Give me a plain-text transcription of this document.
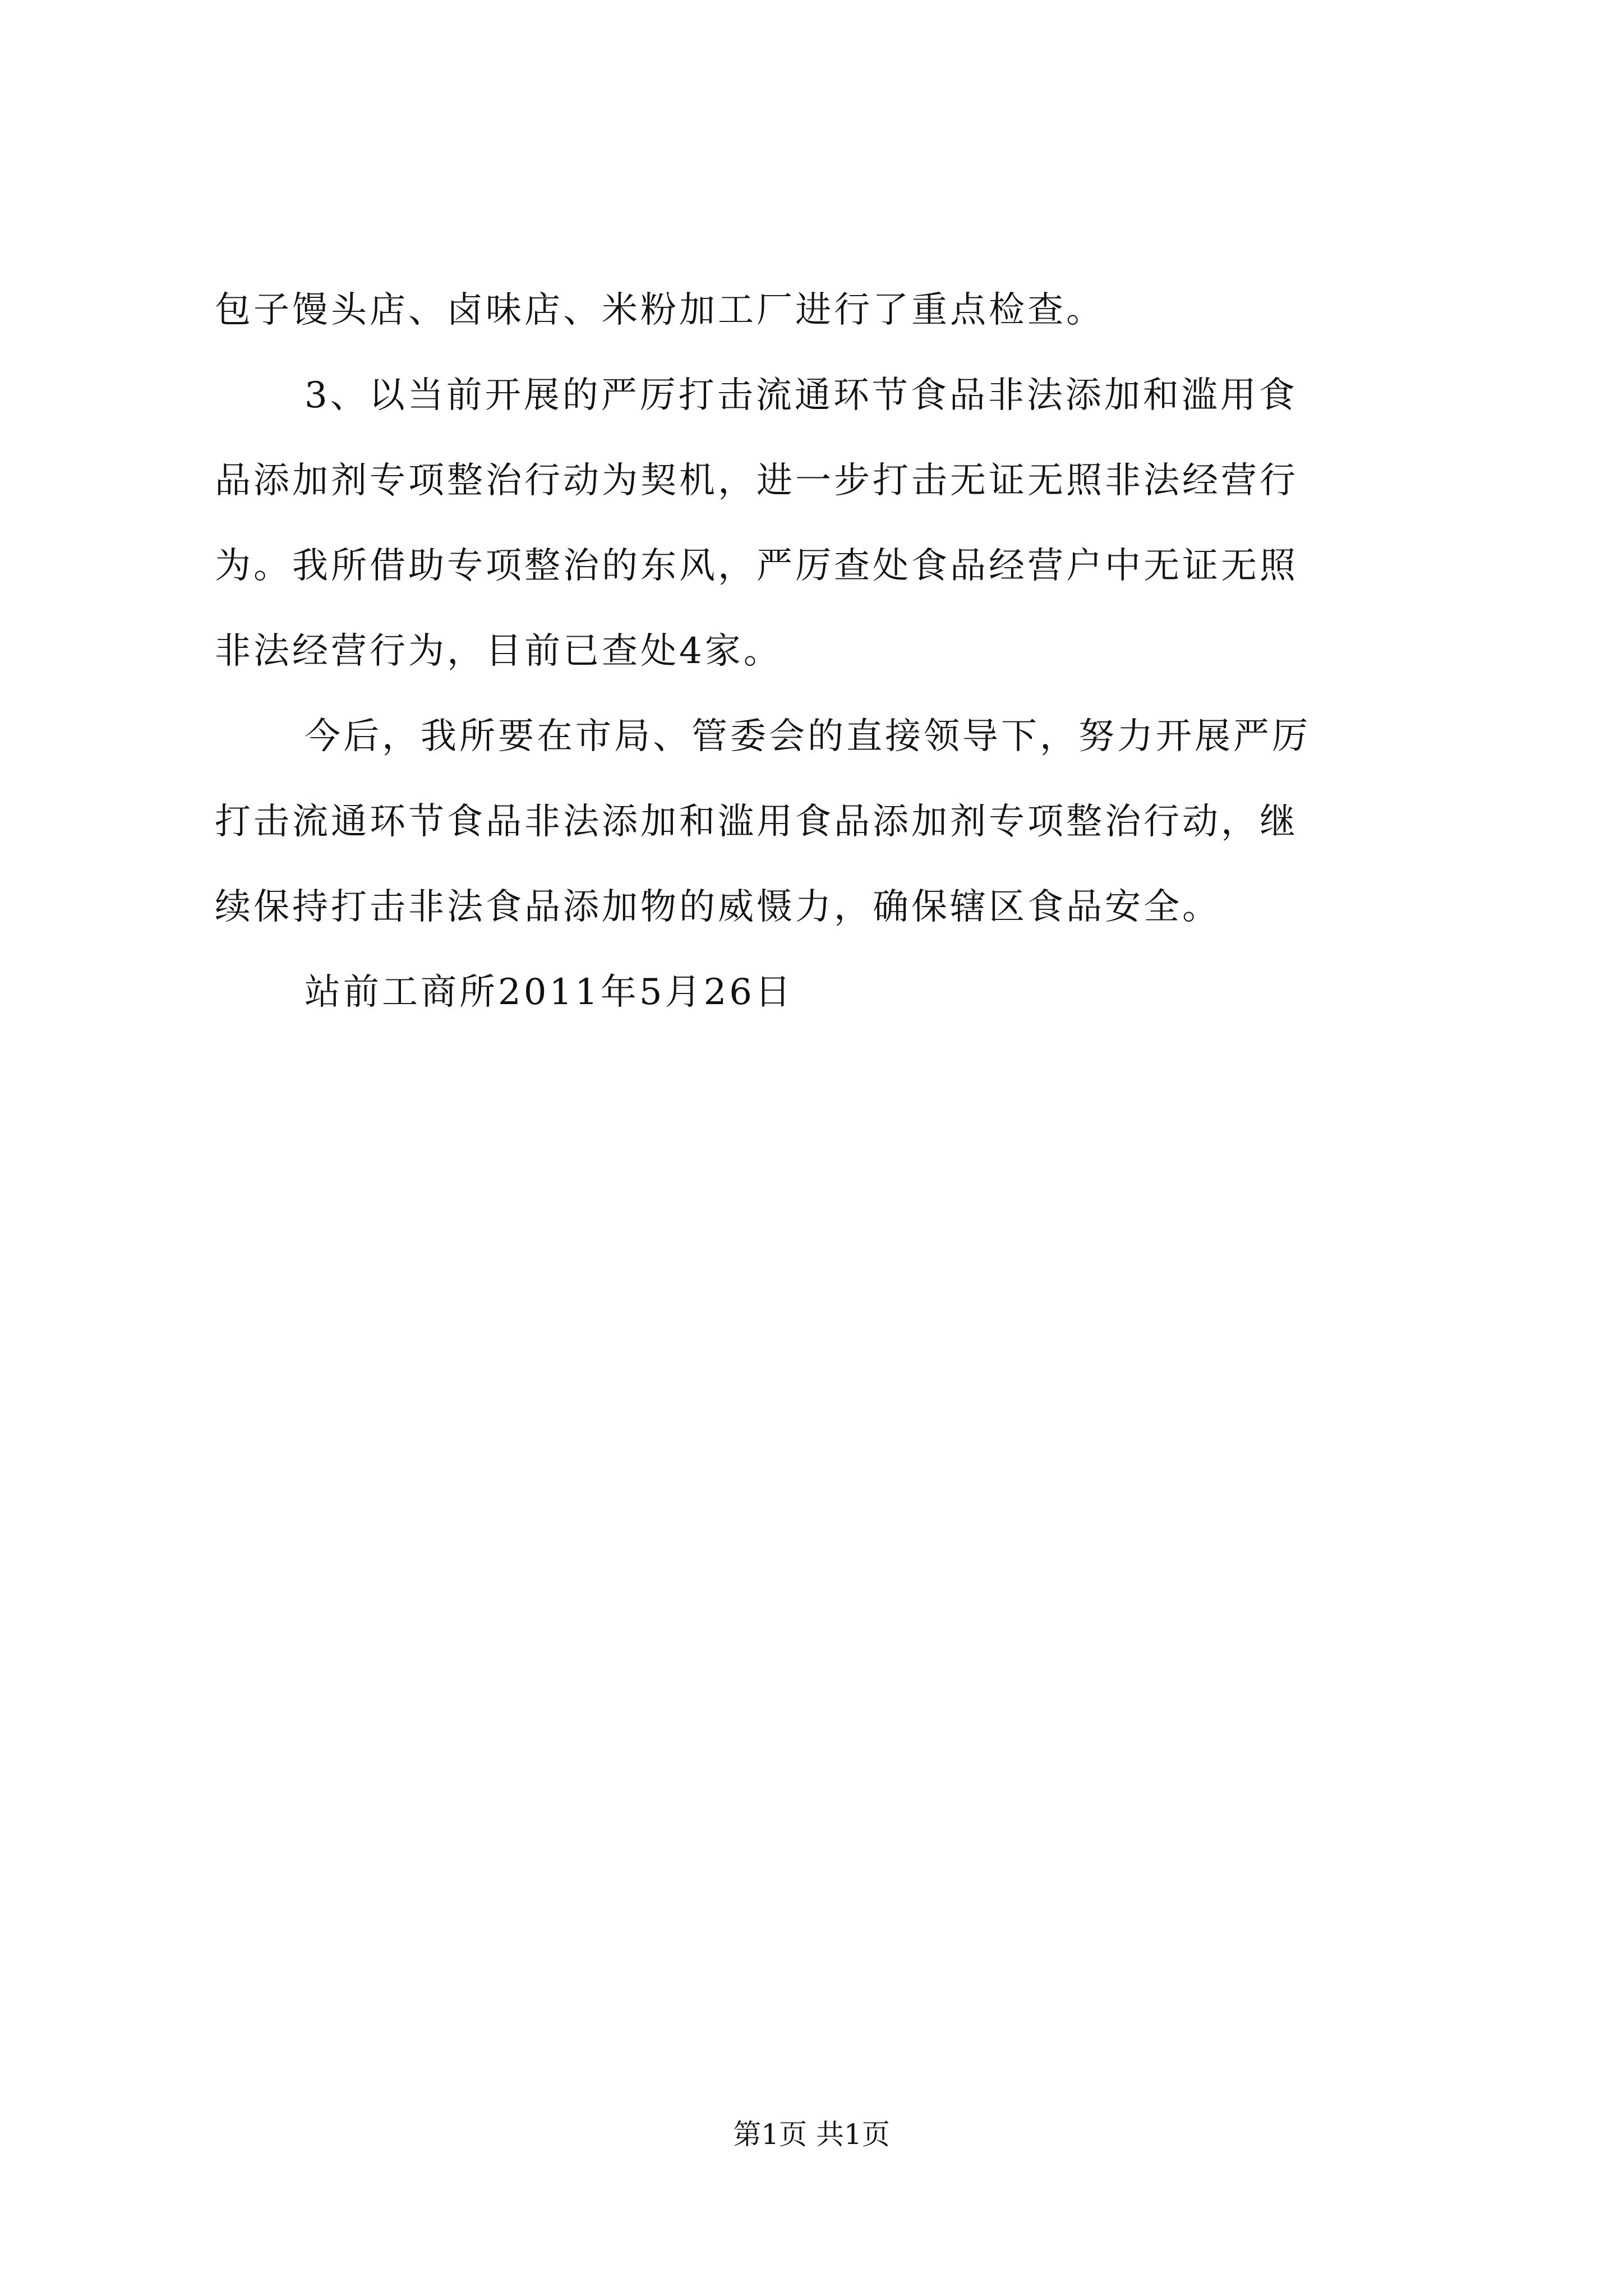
包子馒头店、卤味店、米粉加工厂进行了重点检查。
3、以当前开展的严厉打击流通环节食品非法添加和滥用食
品添加剂专项整治行动为契机，进一步打击无证无照非法经营行
为。我所借助专项整治的东风，严厉查处食品经营户中无证无照
非法经营行为，目前已查处4家。
今后，我所要在市局、管委会的直接领导下，努力开展严厉
打击流通环节食品非法添加和滥用食品添加剂专项整治行动，继
续保持打击非法食品添加物的威慑力，确保辖区食品安全。
站前工商所2011年5月26日
第1页 共1页
